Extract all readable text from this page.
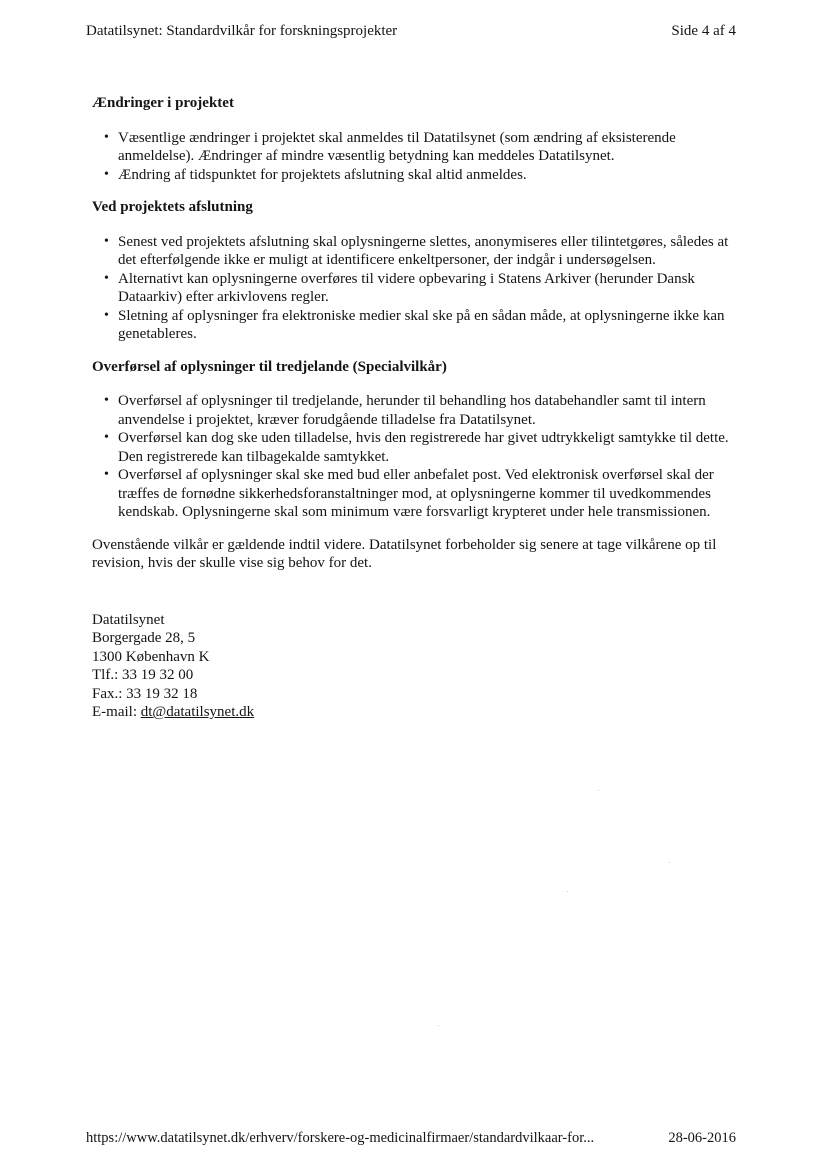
Datatilsynet: Standardvilkår for forskningsprojekter	Side 4 af 4
Ændringer i projektet
• Væsentlige ændringer i projektet skal anmeldes til Datatilsynet (som ændring af eksisterende anmeldelse). Ændringer af mindre væsentlig betydning kan meddeles Datatilsynet.
• Ændring af tidspunktet for projektets afslutning skal altid anmeldes.
Ved projektets afslutning
• Senest ved projektets afslutning skal oplysningerne slettes, anonymiseres eller tilintetgøres, således at det efterfølgende ikke er muligt at identificere enkeltpersoner, der indgår i undersøgelsen.
• Alternativt kan oplysningerne overføres til videre opbevaring i Statens Arkiver (herunder Dansk Dataarkiv) efter arkivlovens regler.
• Sletning af oplysninger fra elektroniske medier skal ske på en sådan måde, at oplysningerne ikke kan genetableres.
Overførsel af oplysninger til tredjelande (Specialvilkår)
• Overførsel af oplysninger til tredjelande, herunder til behandling hos databehandler samt til intern anvendelse i projektet, kræver forudgående tilladelse fra Datatilsynet.
• Overførsel kan dog ske uden tilladelse, hvis den registrerede har givet udtrykkeligt samtykke til dette. Den registrerede kan tilbagekalde samtykket.
• Overførsel af oplysninger skal ske med bud eller anbefalet post. Ved elektronisk overførsel skal der træffes de fornødne sikkerhedsforanstaltninger mod, at oplysningerne kommer til uvedkommendes kendskab. Oplysningerne skal som minimum være forsvarligt krypteret under hele transmissionen.

Ovenstående vilkår er gældende indtil videre. Datatilsynet forbeholder sig senere at tage vilkårene op til revision, hvis der skulle vise sig behov for det.

Datatilsynet
Borgergade 28, 5
1300 København K
Tlf.: 33 19 32 00
Fax.: 33 19 32 18
E-mail: dt@datatilsynet.dk
https://www.datatilsynet.dk/erhverv/forskere-og-medicinalfirmaer/standardvilkaar-for...	28-06-2016
